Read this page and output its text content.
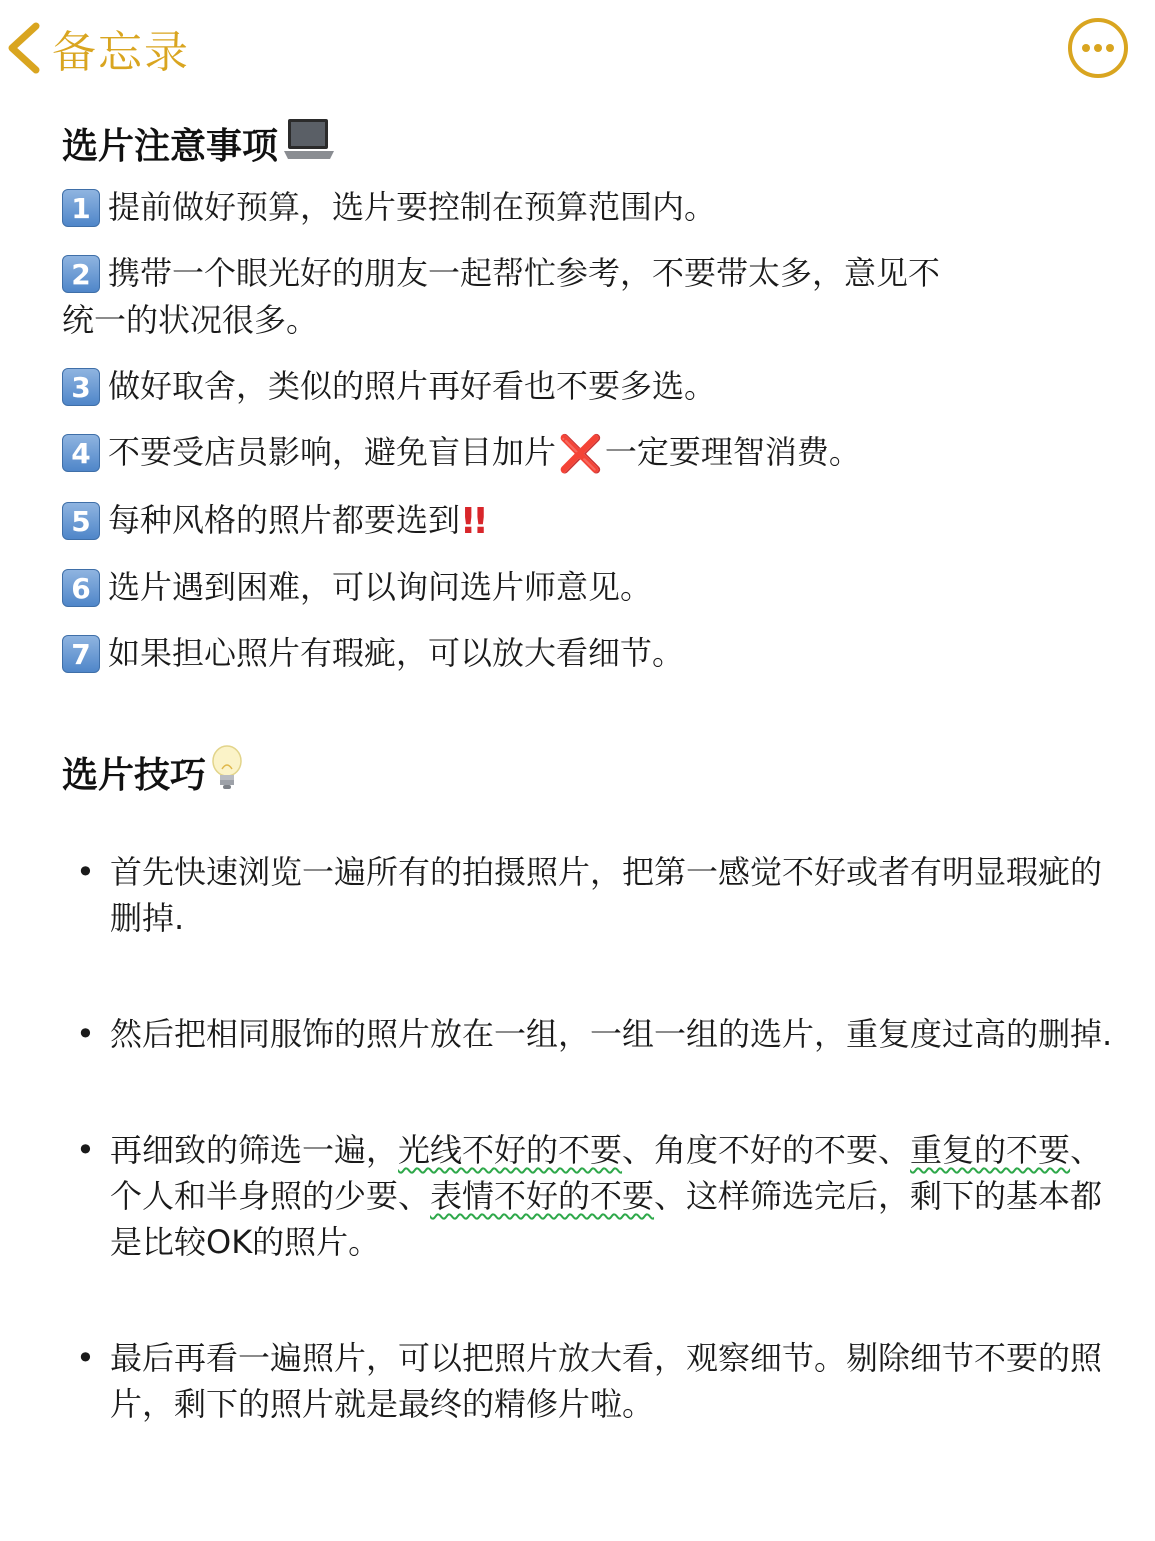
备忘录
选片注意事项
1 提前做好预算，选片要控制在预算范围内。
2 携带一个眼光好的朋友一起帮忙参考，不要带太多，意见不
统一的状况很多。
3 做好取舍，类似的照片再好看也不要多选。
4 不要受店员影响，避免盲目加片❌一定要理智消费。
5 每种风格的照片都要选到!!
6 选片遇到困难，可以询问选片师意见。
7 如果担心照片有瑕疵，可以放大看细节。
选片技巧
• 首先快速浏览一遍所有的拍摄照片，把第一感觉不好或者有明显瑕疵的删掉.
• 然后把相同服饰的照片放在一组，一组一组的选片，重复度过高的删掉.
• 再细致的筛选一遍，光线不好的不要、角度不好的不要、重复的不要、个人和半身照的少要、表情不好的不要、这样筛选完后，剩下的基本都是比较OK的照片。
• 最后再看一遍照片，可以把照片放大看，观察细节。剔除细节不要的照片，剩下的照片就是最终的精修片啦。
